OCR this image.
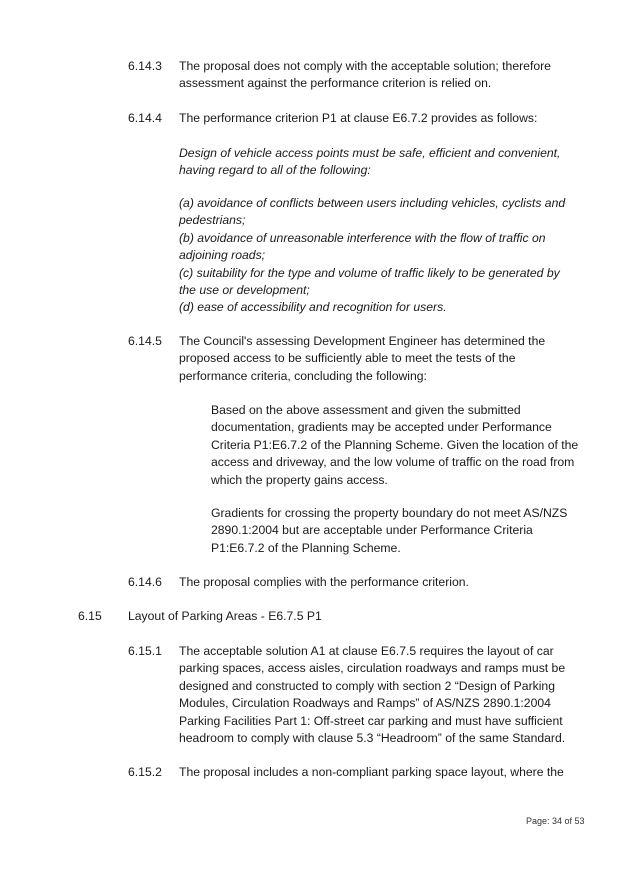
6.14.3 The proposal does not comply with the acceptable solution; therefore
assessment against the performance criterion is relied on.
6.14.4 The performance criterion P1 at clause E6.7.2 provides as follows:
Design of vehicle access points must be safe, efficient and convenient,
having regard to all of the following:
(a) avoidance of conflicts between users including vehicles, cyclists and
pedestrians;
(b) avoidance of unreasonable interference with the flow of traffic on
adjoining roads;
(c) suitability for the type and volume of traffic likely to be generated by
the use or development;
(d) ease of accessibility and recognition for users.
6.14.5 The Council's assessing Development Engineer has determined the
proposed access to be sufficiently able to meet the tests of the
performance criteria, concluding the following:
Based on the above assessment and given the submitted
documentation, gradients may be accepted under Performance
Criteria P1:E6.7.2 of the Planning Scheme. Given the location of the
access and driveway, and the low volume of traffic on the road from
which the property gains access.
Gradients for crossing the property boundary do not meet AS/NZS
2890.1:2004 but are acceptable under Performance Criteria
P1:E6.7.2 of the Planning Scheme.
6.14.6 The proposal complies with the performance criterion.
6.15 Layout of Parking Areas - E6.7.5 P1
6.15.1 The acceptable solution A1 at clause E6.7.5 requires the layout of car
parking spaces, access aisles, circulation roadways and ramps must be
designed and constructed to comply with section 2 “Design of Parking
Modules, Circulation Roadways and Ramps” of AS/NZS 2890.1:2004
Parking Facilities Part 1: Off-street car parking and must have sufficient
headroom to comply with clause 5.3 “Headroom” of the same Standard.
6.15.2 The proposal includes a non-compliant parking space layout, where the
Page: 34 of 53
